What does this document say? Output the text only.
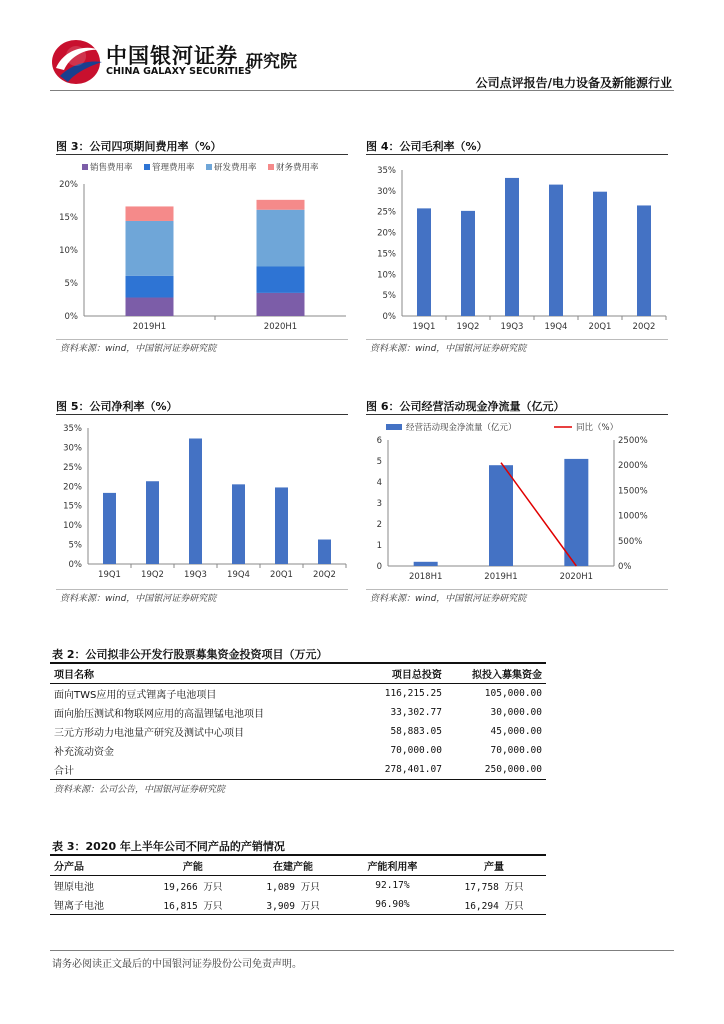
中国银河证券
CHINA GALAXY SECURITIES
研究院
公司点评报告/电力设备及新能源行业
图 3：公司四项期间费用率（%）
销售费用率 管理费用率 研发费用率 财务费用率
0%
5%
10%
15%
20%
2019H1	2020H1
资料来源：wind，中国银河证券研究院
图 4：公司毛利率（%）
0%
5%
10%
15%
20%
25%
30%
35%
19Q1 19Q2 19Q3 19Q4 20Q1 20Q2
资料来源：wind，中国银河证券研究院
图 5：公司净利率（%）
0%
5%
10%
15%
20%
25%
30%
35%
19Q1 19Q2 19Q3 19Q4 20Q1 20Q2
资料来源：wind，中国银河证券研究院
图 6：公司经营活动现金净流量（亿元）
经营活动现金净流量（亿元）	同比（%）
0
1
2
3
4
5
6
0%
500%
1000%
1500%
2000%
2500%
2018H1	2019H1	2020H1
资料来源：wind，中国银河证券研究院
表 2：公司拟非公开发行股票募集资金投资项目（万元）
项目名称	项目总投资	拟投入募集资金
面向TWS应用的豆式锂离子电池项目	116,215.25	105,000.00
面向胎压测试和物联网应用的高温锂锰电池项目	33,302.77	30,000.00
三元方形动力电池量产研究及测试中心项目	58,883.05	45,000.00
补充流动资金	70,000.00	70,000.00
合计	278,401.07	250,000.00
资料来源：公司公告，中国银河证券研究院
表 3：2020 年上半年公司不同产品的产销情况
分产品	产能	在建产能	产能利用率	产量
锂原电池	19,266 万只	1,089 万只	92.17%	17,758 万只
锂离子电池	16,815 万只	3,909 万只	96.90%	16,294 万只
请务必阅读正文最后的中国银河证券股份公司免责声明。
